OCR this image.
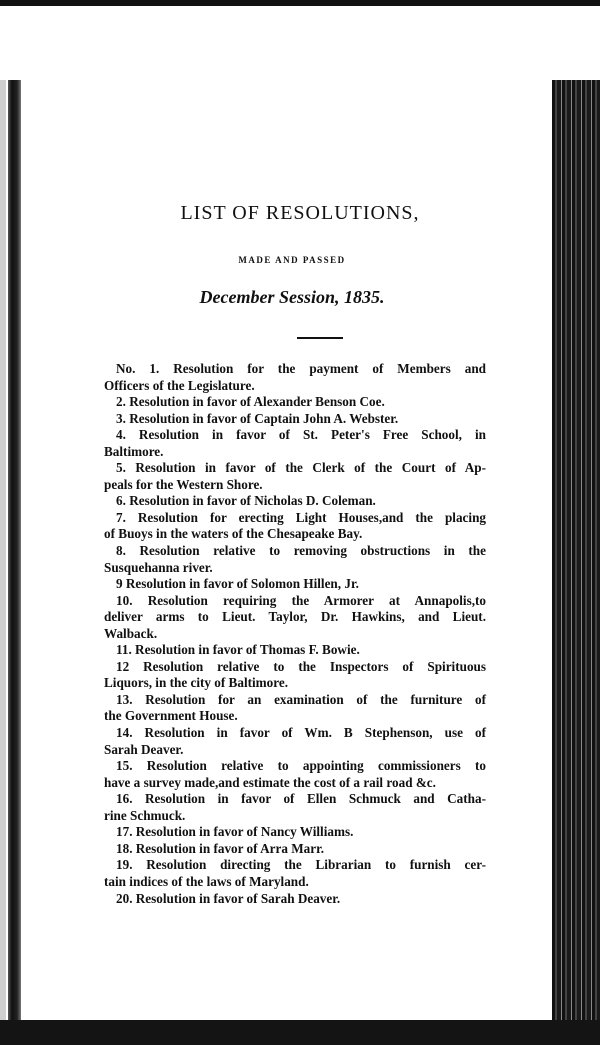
LIST OF RESOLUTIONS,
MADE AND PASSED
December Session, 1835.
No. 1. Resolution for the payment of Members and
Officers of the Legislature.
2. Resolution in favor of Alexander Benson Coe.
3. Resolution in favor of Captain John A. Webster.
4. Resolution in favor of St. Peter's Free School, in
Baltimore.
5. Resolution in favor of the Clerk of the Court of Ap-
peals for the Western Shore.
6. Resolution in favor of Nicholas D. Coleman.
7. Resolution for erecting Light Houses,and the placing
of Buoys in the waters of the Chesapeake Bay.
8. Resolution relative to removing obstructions in the
Susquehanna river.
9 Resolution in favor of Solomon Hillen, Jr.
10. Resolution requiring the Armorer at Annapolis,to
deliver arms to Lieut. Taylor, Dr. Hawkins, and Lieut.
Walback.
11. Resolution in favor of Thomas F. Bowie.
12 Resolution relative to the Inspectors of Spirituous
Liquors, in the city of Baltimore.
13. Resolution for an examination of the furniture of
the Government House.
14. Resolution in favor of Wm. B Stephenson, use of
Sarah Deaver.
15. Resolution relative to appointing commissioners to
have a survey made,and estimate the cost of a rail road &c.
16. Resolution in favor of Ellen Schmuck and Catha-
rine Schmuck.
17. Resolution in favor of Nancy Williams.
18. Resolution in favor of Arra Marr.
19. Resolution directing the Librarian to furnish cer-
tain indices of the laws of Maryland.
20. Resolution in favor of Sarah Deaver.
